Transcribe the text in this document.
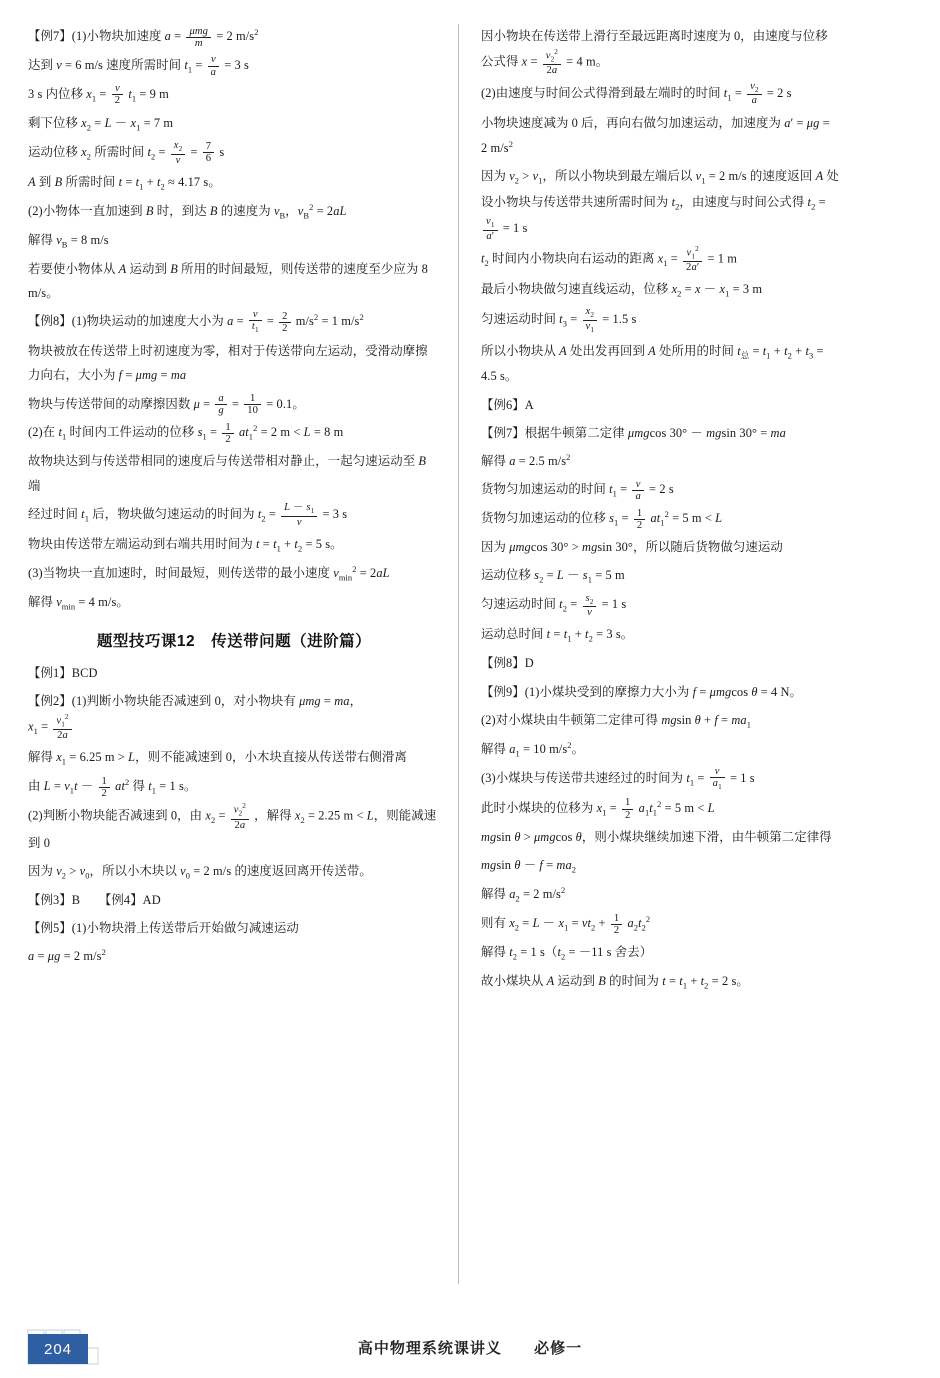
【例7】(1)小物块加速度 $a = \frac{\text{μmg}}{m} = 2$ $m/s^2$

达到 v = 6 m/s 速度所需时间 $t_1 = \frac{v}{a} = 3$ s

3 s 内位移 $x_1 = \frac{v}{2} t_1 = 9$ m

剩下位移 $x_2 = L - x_1 = 7$ m

运动位移 $x_2$ 所需时间 $t_2 = \frac{x_2}{v} = \frac{7}{6}$ s

A 到 B 所需时间 $t = t_1 + t_2 \approx 4.17$ s。

(2)小物体一直加速到 B 时，到达 B 的速度为 $v_B$，$v_B^2 = 2aL$

解得 $v_B = 8$ m/s

若要使小物体从 A 运动到 B 所用的时间最短，则传送带的速度至少应为 8 m/s。

【例8】(1)物块运动的加速度大小为 $a = \frac{v}{t_1} = \frac{2}{2} m/s^2 = 1$ $m/s^2$

物块被放在传送带上时初速度为零，相对于传送带向左运动，受滑动摩擦力向右，大小为 f = μmg = ma

物块与传送带间的动摩擦因数 $\mu = \frac{a}{g} = \frac{1}{10} = 0.1$。

(2)在 $t_1$ 时间内工件运动的位移 $s_1 = \frac{1}{2} at_1^2 = 2$ m < L = 8 m

故物块达到与传送带相同的速度后与传送带相对静止，一起匀速运动至 B 端

经过时间 $t_1$ 后，物块做匀速运动的时间为 $t_2 = \frac{L - s_1}{v} = 3$ s

物块由传送带左端运动到右端共用时间为 $t = t_1 + t_2 = 5$ s。

(3)当物块一直加速时，时间最短，则传送带的最小速度 $v_{min}^2 = 2aL$

解得 $v_{min} = 4$ m/s。

题型技巧课12　传送带问题（进阶篇）

【例1】BCD

【例2】(1)判断小物块能否减速到 0，对小物块有 μmg = ma，

$x_1 = \frac{v_1^2}{2a}$

解得 $x_1 = 6.25$ m > L，则不能减速到 0，小木块直接从传送带右侧滑离

由 $L = v_1t - \frac{1}{2} at^2$ 得 $t_1 = 1$ s。

(2)判断小物块能否减速到 0，由 $x_2 = \frac{v_2^2}{2a}$ ，解得 $x_2 = 2.25$ m < L，则能减速到 0

因为 $v_2 > v_0$，所以小木块以 $v_0 = 2$ m/s 的速度返回离开传送带。

【例3】B　　【例4】AD

【例5】(1)小物块滑上传送带后开始做匀减速运动

a = μg = 2 $m/s^2$

因小物块在传送带上滑行至最远距离时速度为 0，由速度与位移

公式得 $x = \frac{v_2^2}{2a} = 4$ m。

(2)由速度与时间公式得滑到最左端时的时间 $t_1 = \frac{v_2}{a} = 2$ s

小物块速度减为 0 后，再向右做匀加速运动，加速度为 a′ = μg =

2 $m/s^2$

因为 $v_2 > v_1$，所以小物块到最左端后以 $v_1 = 2$ m/s 的速度返回 A 处

设小物块与传送带共速所需时间为 $t_2$，由速度与时间公式得 $t_2$ =

$\frac{v_1}{a'} = 1$ s

$t_2$ 时间内小物块向右运动的距离 $x_1 = \frac{v_1^2}{2a'} = 1$ m

最后小物块做匀速直线运动，位移 $x_2 = x - x_1 = 3$ m

匀速运动时间 $t_3 = \frac{x_2}{v_1} = 1.5$ s

所以小物块从 A 处出发再回到 A 处所用的时间 $t_总 = t_1 + t_2 + t_3$ =

4.5 s。

【例6】A

【例7】根据牛顿第二定律 μmgcos 30° － mgsin 30° = ma

解得 a = 2.5 $m/s^2$

货物匀加速运动的时间 $t_1 = \frac{v}{a} = 2$ s

货物匀加速运动的位移 $s_1 = \frac{1}{2} at_1^2 = 5$ m < L

因为 μmgcos 30° > mgsin 30°，所以随后货物做匀速运动

运动位移 $s_2 = L - s_1 = 5$ m

匀速运动时间 $t_2 = \frac{s_2}{v} = 1$ s

运动总时间 $t = t_1 + t_2 = 3$ s。

【例8】D

【例9】(1)小煤块受到的摩擦力大小为 f = μmgcos θ = 4 N。

(2)对小煤块由牛顿第二定律可得 mgsin $\theta + f = ma_1$

解得 $a_1 = 10$ $m/s^2$。

(3)小煤块与传送带共速经过的时间为 $t_1 = \frac{v}{a_1} = 1$ s

此时小煤块的位移为 $x_1 = \frac{1}{2} a_1t_1^2 = 5$ m < L

mgsin θ > μmgcos θ，则小煤块继续加速下滑，由牛顿第二定律得

mgsin $\theta - f = ma_2$

解得 $a_2 = 2$ $m/s^2$

则有 $x_2 = L - x_1 = vt_2 + \frac{1}{2} a_2t_2^2$

解得 $t_2 = 1$ $s(t_2 = -11$ s 舍去）

故小煤块从 A 运动到 B 的时间为 $t = t_1 + t_2 = 2$ s。

204	高中物理系统课讲义 必修一
